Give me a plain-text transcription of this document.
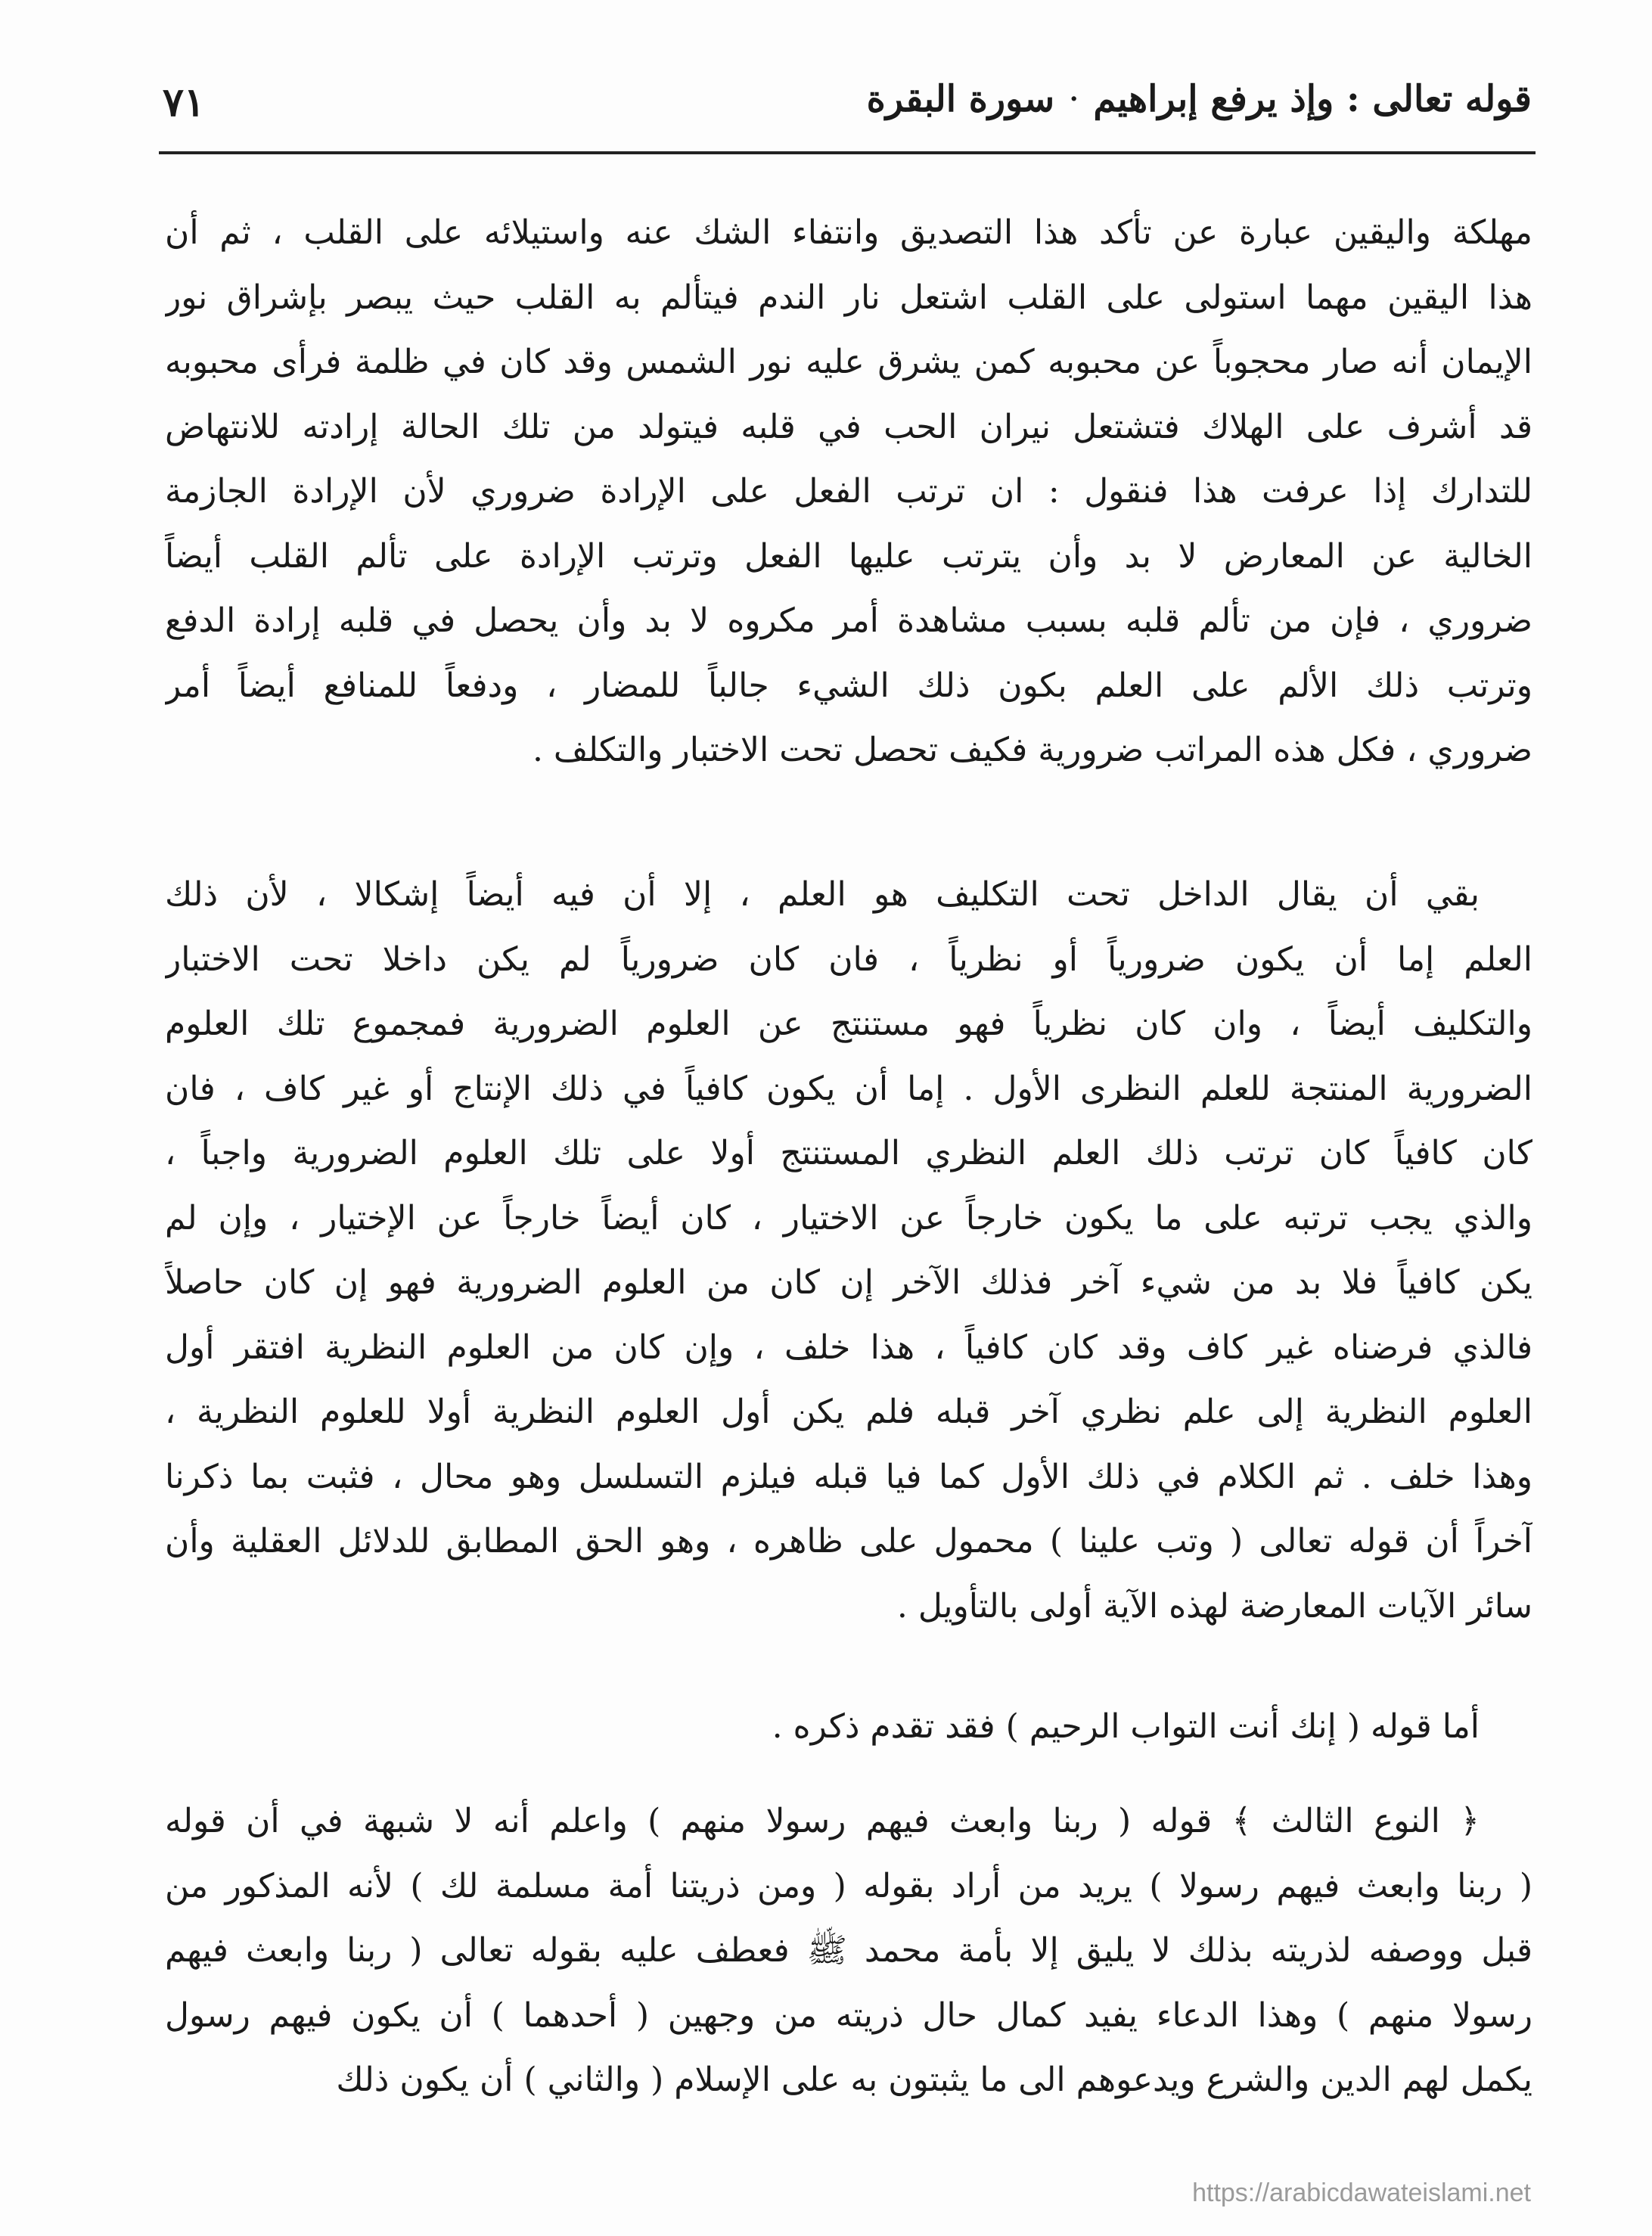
٧١	قوله تعالى : وإذ يرفع إبراهيم·سورة البقرة
مهلكة واليقين عبارة عن تأكد هذا التصديق وانتفاء الشك عنه واستيلائه على القلب ، ثم أن
هذا اليقين مهما استولى على القلب اشتعل نار الندم فيتألم به القلب حيث يبصر بإشراق نور
الإيمان أنه صار محجوباً عن محبوبه كمن يشرق عليه نور الشمس وقد كان في ظلمة فرأى محبوبه
قد أشرف على الهلاك فتشتعل نيران الحب في قلبه فيتولد من تلك الحالة إرادته للانتهاض
للتدارك إذا عرفت هذا فنقول : ان ترتب الفعل على الإرادة ضروري لأن الإرادة الجازمة
الخالية عن المعارض لا بد وأن يترتب عليها الفعل وترتب الإرادة على تألم القلب أيضاً
ضروري ، فإن من تألم قلبه بسبب مشاهدة أمر مكروه لا بد وأن يحصل في قلبه إرادة الدفع
وترتب ذلك الألم على العلم بكون ذلك الشيء جالباً للمضار ، ودفعاً للمنافع أيضاً أمر
ضروري ، فكل هذه المراتب ضرورية فكيف تحصل تحت الاختبار والتكلف .
بقي أن يقال الداخل تحت التكليف هو العلم ، إلا أن فيه أيضاً إشكالا ، لأن ذلك
العلم إما أن يكون ضرورياً أو نظرياً ، فان كان ضرورياً لم يكن داخلا تحت الاختبار
والتكليف أيضاً ، وان كان نظرياً فهو مستنتج عن العلوم الضرورية فمجموع تلك العلوم
الضرورية المنتجة للعلم النظرى الأول . إما أن يكون كافياً في ذلك الإنتاج أو غير كاف ، فان
كان كافياً كان ترتب ذلك العلم النظري المستنتج أولا على تلك العلوم الضرورية واجباً ،
والذي يجب ترتبه على ما يكون خارجاً عن الاختيار ، كان أيضاً خارجاً عن الإختيار ، وإن لم
يكن كافياً فلا بد من شيء آخر فذلك الآخر إن كان من العلوم الضرورية فهو إن كان حاصلاً
فالذي فرضناه غير كاف وقد كان كافياً ، هذا خلف ، وإن كان من العلوم النظرية افتقر أول
العلوم النظرية إلى علم نظري آخر قبله فلم يكن أول العلوم النظرية أولا للعلوم النظرية ،
وهذا خلف . ثم الكلام في ذلك الأول كما فيا قبله فيلزم التسلسل وهو محال ، فثبت بما ذكرنا
آخراً أن قوله تعالى ( وتب علينا ) محمول على ظاهره ، وهو الحق المطابق للدلائل العقلية وأن
سائر الآيات المعارضة لهذه الآية أولى بالتأويل .
أما قوله ( إنك أنت التواب الرحيم ) فقد تقدم ذكره .
﴿ النوع الثالث ﴾ قوله ( ربنا وابعث فيهم رسولا منهم ) واعلم أنه لا شبهة في أن قوله
( ربنا وابعث فيهم رسولا ) يريد من أراد بقوله ( ومن ذريتنا أمة مسلمة لك ) لأنه المذكور من
قبل ووصفه لذريته بذلك لا يليق إلا بأمة محمد ﷺ فعطف عليه بقوله تعالى ( ربنا وابعث فيهم
رسولا منهم ) وهذا الدعاء يفيد كمال حال ذريته من وجهين ( أحدهما ) أن يكون فيهم رسول
يكمل لهم الدين والشرع ويدعوهم الى ما يثبتون به على الإسلام ( والثاني ) أن يكون ذلك
https://arabicdawateislami.net
